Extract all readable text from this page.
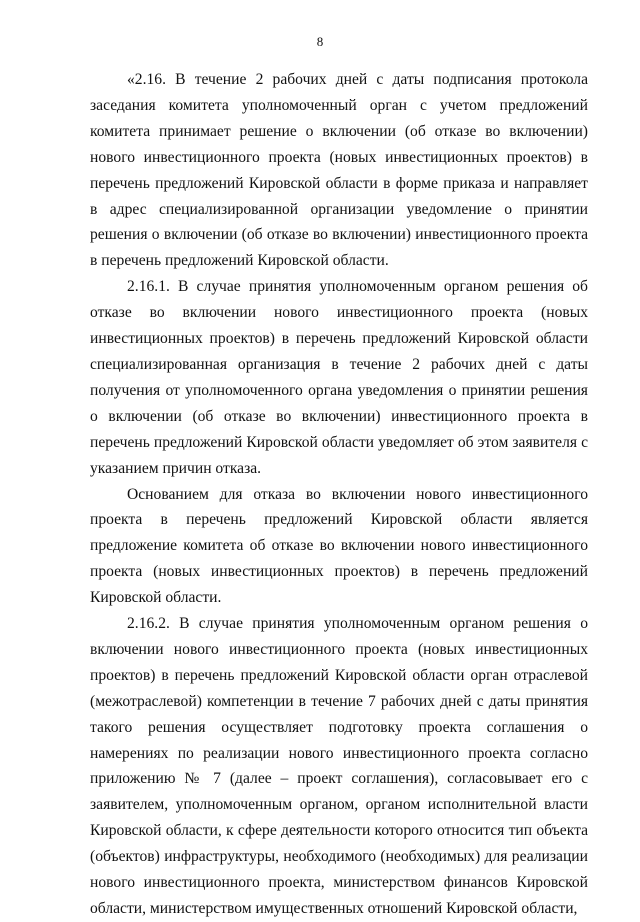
8

«2.16. В течение 2 рабочих дней с даты подписания протокола заседания комитета уполномоченный орган с учетом предложений комитета принимает решение о включении (об отказе во включении) нового инвестиционного проекта (новых инвестиционных проектов) в перечень предложений Кировской области в форме приказа и направляет в адрес специализированной организации уведомление о принятии решения о включении (об отказе во включении) инвестиционного проекта в перечень предложений Кировской области.

2.16.1. В случае принятия уполномоченным органом решения об отказе во включении нового инвестиционного проекта (новых инвестиционных проектов) в перечень предложений Кировской области специализированная организация в течение 2 рабочих дней с даты получения от уполномоченного органа уведомления о принятии решения о включении (об отказе во включении) инвестиционного проекта в перечень предложений Кировской области уведомляет об этом заявителя с указанием причин отказа.

Основанием для отказа во включении нового инвестиционного проекта в перечень предложений Кировской области является предложение комитета об отказе во включении нового инвестиционного проекта (новых инвестиционных проектов) в перечень предложений Кировской области.

2.16.2. В случае принятия уполномоченным органом решения о включении нового инвестиционного проекта (новых инвестиционных проектов) в перечень предложений Кировской области орган отраслевой (межотраслевой) компетенции в течение 7 рабочих дней с даты принятия такого решения осуществляет подготовку проекта соглашения о намерениях по реализации нового инвестиционного проекта согласно приложению № 7 (далее – проект соглашения), согласовывает его с заявителем, уполномоченным органом, органом исполнительной власти Кировской области, к сфере деятельности которого относится тип объекта (объектов) инфраструктуры, необходимого (необходимых) для реализации нового инвестиционного проекта, министерством финансов Кировской области, министерством имущественных отношений Кировской области,
